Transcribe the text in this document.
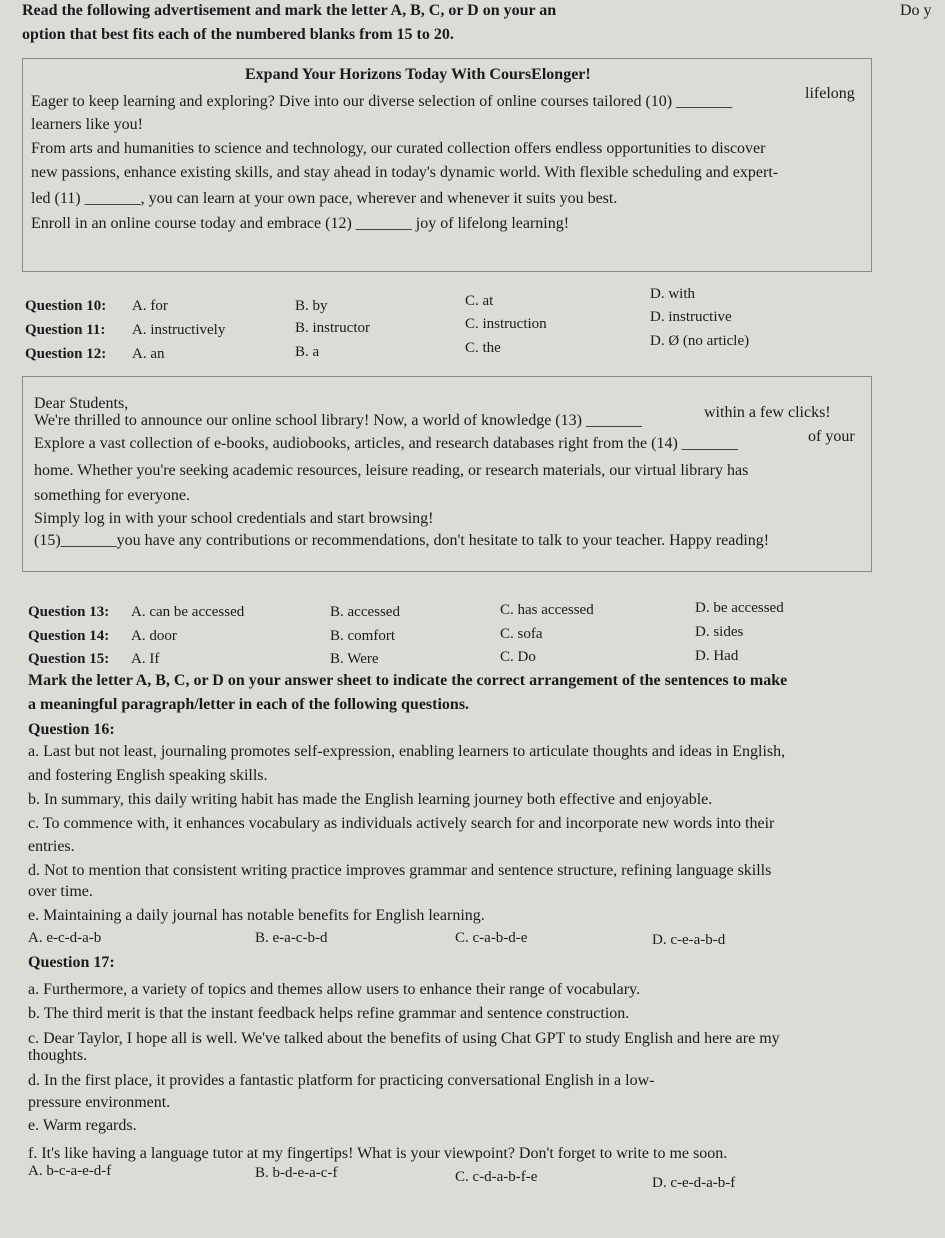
Read the following advertisement and mark the letter A, B, C, or D on your an
option that best fits each of the numbered blanks from 15 to 20.
Do y
Expand Your Horizons Today With CoursElonger!
Eager to keep learning and exploring? Dive into our diverse selection of online courses tailored (10) _______	lifelong
learners like you!
From arts and humanities to science and technology, our curated collection offers endless opportunities to discover
new passions, enhance existing skills, and stay ahead in today's dynamic world. With flexible scheduling and expert-
led (11) _______, you can learn at your own pace, wherever and whenever it suits you best.
Enroll in an online course today and embrace (12) _______ joy of lifelong learning!
Question 10: A. for	B. by	C. at	D. with
Question 11: A. instructively	B. instructor	C. instruction	D. instructive
Question 12: A. an	B. a	C. the	D. Ø (no article)
Dear Students,
We're thrilled to announce our online school library! Now, a world of knowledge (13) _______	within a few clicks!
Explore a vast collection of e-books, audiobooks, articles, and research databases right from the (14) _______	of your
home. Whether you're seeking academic resources, leisure reading, or research materials, our virtual library has
something for everyone.
Simply log in with your school credentials and start browsing!
(15)_______you have any contributions or recommendations, don't hesitate to talk to your teacher. Happy reading!
Question 13: A. can be accessed	B. accessed	C. has accessed	D. be accessed
Question 14: A. door	B. comfort	C. sofa	D. sides
Question 15: A. If	B. Were	C. Do	D. Had
Mark the letter A, B, C, or D on your answer sheet to indicate the correct arrangement of the sentences to make
a meaningful paragraph/letter in each of the following questions.
Question 16:
a. Last but not least, journaling promotes self-expression, enabling learners to articulate thoughts and ideas in English,
and fostering English speaking skills.
b. In summary, this daily writing habit has made the English learning journey both effective and enjoyable.
c. To commence with, it enhances vocabulary as individuals actively search for and incorporate new words into their
entries.
d. Not to mention that consistent writing practice improves grammar and sentence structure, refining language skills
over time.
e. Maintaining a daily journal has notable benefits for English learning.
A. e-c-d-a-b	B. e-a-c-b-d	C. c-a-b-d-e	D. c-e-a-b-d
Question 17:
a. Furthermore, a variety of topics and themes allow users to enhance their range of vocabulary.
b. The third merit is that the instant feedback helps refine grammar and sentence construction.
c. Dear Taylor, I hope all is well. We've talked about the benefits of using Chat GPT to study English and here are my
thoughts.
d. In the first place, it provides a fantastic platform for practicing conversational English in a low-
pressure environment.
e. Warm regards.
f. It's like having a language tutor at my fingertips! What is your viewpoint? Don't forget to write to me soon.
A. b-c-a-e-d-f	B. b-d-e-a-c-f	C. c-d-a-b-f-e	D. c-e-d-a-b-f
